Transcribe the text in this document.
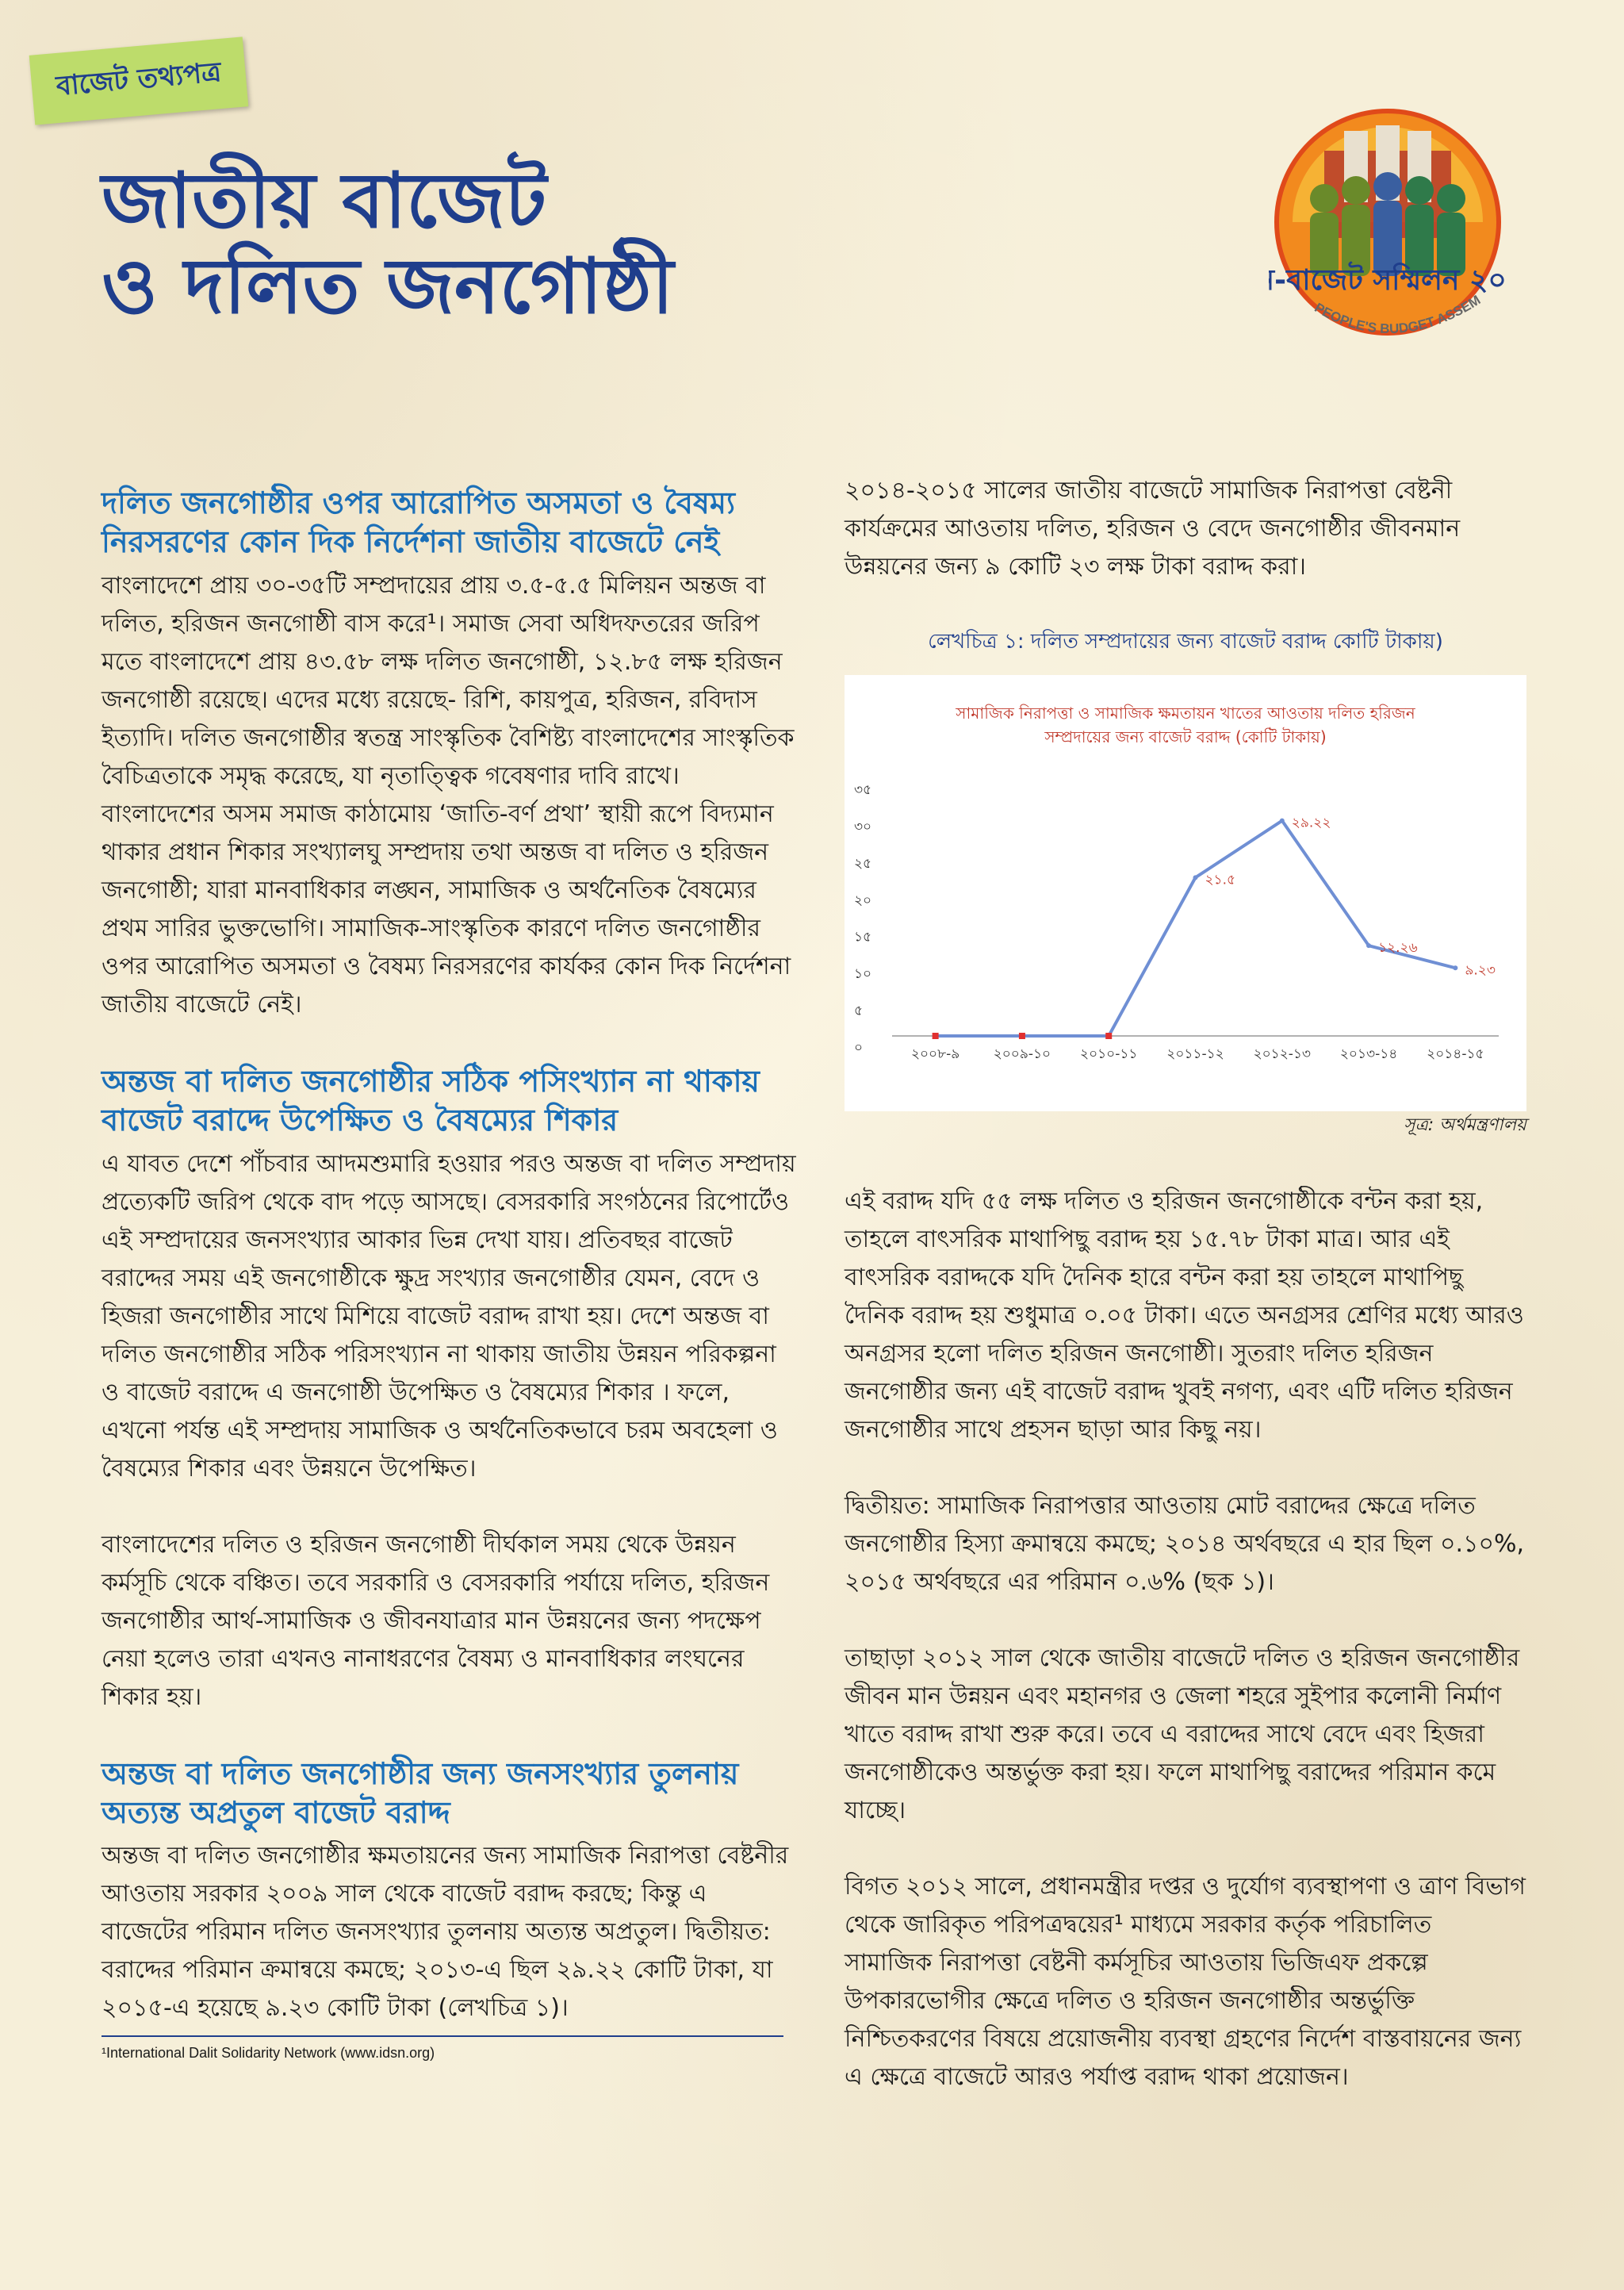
বাজেট তথ্যপত্র
জাতীয় বাজেট
ও দলিত জনগোষ্ঠী	-বাজেট সম্মিলন ২০
PEOPLE'S BUDGET ASSEM
দলিত জনগোষ্ঠীর ওপর আরোপিত অসমতা ও বৈষম্য নিরসরণের কোন দিক নির্দেশনা জাতীয় বাজেটে নেই
বাংলাদেশে প্রায় ৩০-৩৫টি সম্প্রদায়ের প্রায় ৩.৫-৫.৫ মিলিয়ন অন্তজ বা দলিত, হরিজন জনগোষ্ঠী বাস করে¹। সমাজ সেবা অধিদফতরের জরিপ মতে বাংলাদেশে প্রায় ৪৩.৫৮ লক্ষ দলিত জনগোষ্ঠী, ১২.৮৫ লক্ষ হরিজন জনগোষ্ঠী রয়েছে। এদের মধ্যে রয়েছে- রিশি, কায়পুত্র, হরিজন, রবিদাস ইত্যাদি। দলিত জনগোষ্ঠীর স্বতন্ত্র সাংস্কৃতিক বৈশিষ্ট্য বাংলাদেশের সাংস্কৃতিক বৈচিত্রতাকে সমৃদ্ধ করেছে, যা নৃতাত্ত্বিক গবেষণার দাবি রাখে। বাংলাদেশের অসম সমাজ কাঠামোয় ‘জাতি-বর্ণ প্রথা’ স্থায়ী রূপে বিদ্যমান থাকার প্রধান শিকার সংখ্যালঘু সম্প্রদায় তথা অন্তজ বা দলিত ও হরিজন জনগোষ্ঠী; যারা মানবাধিকার লঙ্ঘন, সামাজিক ও অর্থনৈতিক বৈষম্যের প্রথম সারির ভুক্তভোগি। সামাজিক-সাংস্কৃতিক কারণে দলিত জনগোষ্ঠীর ওপর আরোপিত অসমতা ও বৈষম্য নিরসরণের কার্যকর কোন দিক নির্দেশনা জাতীয় বাজেটে নেই।
অন্তজ বা দলিত জনগোষ্ঠীর সঠিক পসিংখ্যান না থাকায় বাজেট বরাদ্দে উপেক্ষিত ও বৈষম্যের শিকার
এ যাবত দেশে পাঁচবার আদমশুমারি হওয়ার পরও অন্তজ বা দলিত সম্প্রদায় প্রত্যেকটি জরিপ থেকে বাদ পড়ে আসছে। বেসরকারি সংগঠনের রিপোর্টেও এই সম্প্রদায়ের জনসংখ্যার আকার ভিন্ন দেখা যায়। প্রতিবছর বাজেট বরাদ্দের সময় এই জনগোষ্ঠীকে ক্ষুদ্র সংখ্যার জনগোষ্ঠীর যেমন, বেদে ও হিজরা জনগোষ্ঠীর সাথে মিশিয়ে বাজেট বরাদ্দ রাখা হয়। দেশে অন্তজ বা দলিত জনগোষ্ঠীর সঠিক পরিসংখ্যান না থাকায় জাতীয় উন্নয়ন পরিকল্পনা ও বাজেট বরাদ্দে এ জনগোষ্ঠী উপেক্ষিত ও বৈষম্যের শিকার । ফলে, এখনো পর্যন্ত এই সম্প্রদায় সামাজিক ও অর্থনৈতিকভাবে চরম অবহেলা ও বৈষম্যের শিকার এবং উন্নয়নে উপেক্ষিত।
বাংলাদেশের দলিত ও হরিজন জনগোষ্ঠী দীর্ঘকাল সময় থেকে উন্নয়ন কর্মসূচি থেকে বঞ্চিত। তবে সরকারি ও বেসরকারি পর্যায়ে দলিত, হরিজন জনগোষ্ঠীর আর্থ-সামাজিক ও জীবনযাত্রার মান উন্নয়নের জন্য পদক্ষেপ নেয়া হলেও তারা এখনও নানাধরণের বৈষম্য ও মানবাধিকার লংঘনের শিকার হয়।
অন্তজ বা দলিত জনগোষ্ঠীর জন্য জনসংখ্যার তুলনায় অত্যন্ত অপ্রতুল বাজেট বরাদ্দ
অন্তজ বা দলিত জনগোষ্ঠীর ক্ষমতায়নের জন্য সামাজিক নিরাপত্তা বেষ্টনীর আওতায় সরকার ২০০৯ সাল থেকে বাজেট বরাদ্দ করছে; কিন্তু এ বাজেটের পরিমান দলিত জনসংখ্যার তুলনায় অত্যন্ত অপ্রতুল। দ্বিতীয়ত: বরাদ্দের পরিমান ক্রমান্বয়ে কমছে; ২০১৩-এ ছিল ২৯.২২ কোটি টাকা, যা ২০১৫-এ হয়েছে ৯.২৩ কোটি টাকা (লেখচিত্র ১)।
¹International Dalit Solidarity Network (www.idsn.org)
২০১৪-২০১৫ সালের জাতীয় বাজেটে সামাজিক নিরাপত্তা বেষ্টনী কার্যক্রমের আওতায় দলিত, হরিজন ও বেদে জনগোষ্ঠীর জীবনমান উন্নয়নের জন্য ৯ কোটি ২৩ লক্ষ টাকা বরাদ্দ করা।
লেখচিত্র ১: দলিত সম্প্রদায়ের জন্য বাজেট বরাদ্দ কোটি টাকায়)
সামাজিক নিরাপত্তা ও সামাজিক ক্ষমতায়ন খাতের আওতায় দলিত হরিজন
সম্প্রদায়ের জন্য বাজেট বরাদ্দ (কোটি টাকায়)
০
৫
১০
১৫
২০
২৫
৩০
৩৫
২০০৮-৯ ২০০৯-১০ ২০১০-১১ ২০১১-১২ ২০১২-১৩ ২০১৩-১৪ ২০১৪-১৫
২১.৫
২৯.২২
১২.২৬
৯.২৩
সূত্র: অর্থমন্ত্রণালয়
এই বরাদ্দ যদি ৫৫ লক্ষ দলিত ও হরিজন জনগোষ্ঠীকে বন্টন করা হয়, তাহলে বাৎসরিক মাথাপিছু বরাদ্দ হয় ১৫.৭৮ টাকা মাত্র। আর এই বাৎসরিক বরাদ্দকে যদি দৈনিক হারে বন্টন করা হয় তাহলে মাথাপিছু দৈনিক বরাদ্দ হয় শুধুমাত্র ০.০৫ টাকা। এতে অনগ্রসর শ্রেণির মধ্যে আরও অনগ্রসর হলো দলিত হরিজন জনগোষ্ঠী। সুতরাং দলিত হরিজন জনগোষ্ঠীর জন্য এই বাজেট বরাদ্দ খুবই নগণ্য, এবং এটি দলিত হরিজন জনগোষ্ঠীর সাথে প্রহসন ছাড়া আর কিছু নয়।
দ্বিতীয়ত: সামাজিক নিরাপত্তার আওতায় মোট বরাদ্দের ক্ষেত্রে দলিত জনগোষ্ঠীর হিস্যা ক্রমান্বয়ে কমছে; ২০১৪ অর্থবছরে এ হার ছিল ০.১০%, ২০১৫ অর্থবছরে এর পরিমান ০.৬% (ছক ১)।
তাছাড়া ২০১২ সাল থেকে জাতীয় বাজেটে দলিত ও হরিজন জনগোষ্ঠীর জীবন মান উন্নয়ন এবং মহানগর ও জেলা শহরে সুইপার কলোনী নির্মাণ খাতে বরাদ্দ রাখা শুরু করে। তবে এ বরাদ্দের সাথে বেদে এবং হিজরা জনগোষ্ঠীকেও অন্তর্ভুক্ত করা হয়। ফলে মাথাপিছু বরাদ্দের পরিমান কমে যাচ্ছে।
বিগত ২০১২ সালে, প্রধানমন্ত্রীর দপ্তর ও দুর্যোগ ব্যবস্থাপণা ও ত্রাণ বিভাগ থেকে জারিকৃত পরিপত্রদ্বয়ের¹ মাধ্যমে সরকার কর্তৃক পরিচালিত সামাজিক নিরাপত্তা বেষ্টনী কর্মসূচির আওতায় ভিজিএফ প্রকল্পে উপকারভোগীর ক্ষেত্রে দলিত ও হরিজন জনগোষ্ঠীর অন্তর্ভুক্তি নিশ্চিতকরণের বিষয়ে প্রয়োজনীয় ব্যবস্থা গ্রহণের নির্দেশ বাস্তবায়নের জন্য এ ক্ষেত্রে বাজেটে আরও পর্যাপ্ত বরাদ্দ থাকা প্রয়োজন।
